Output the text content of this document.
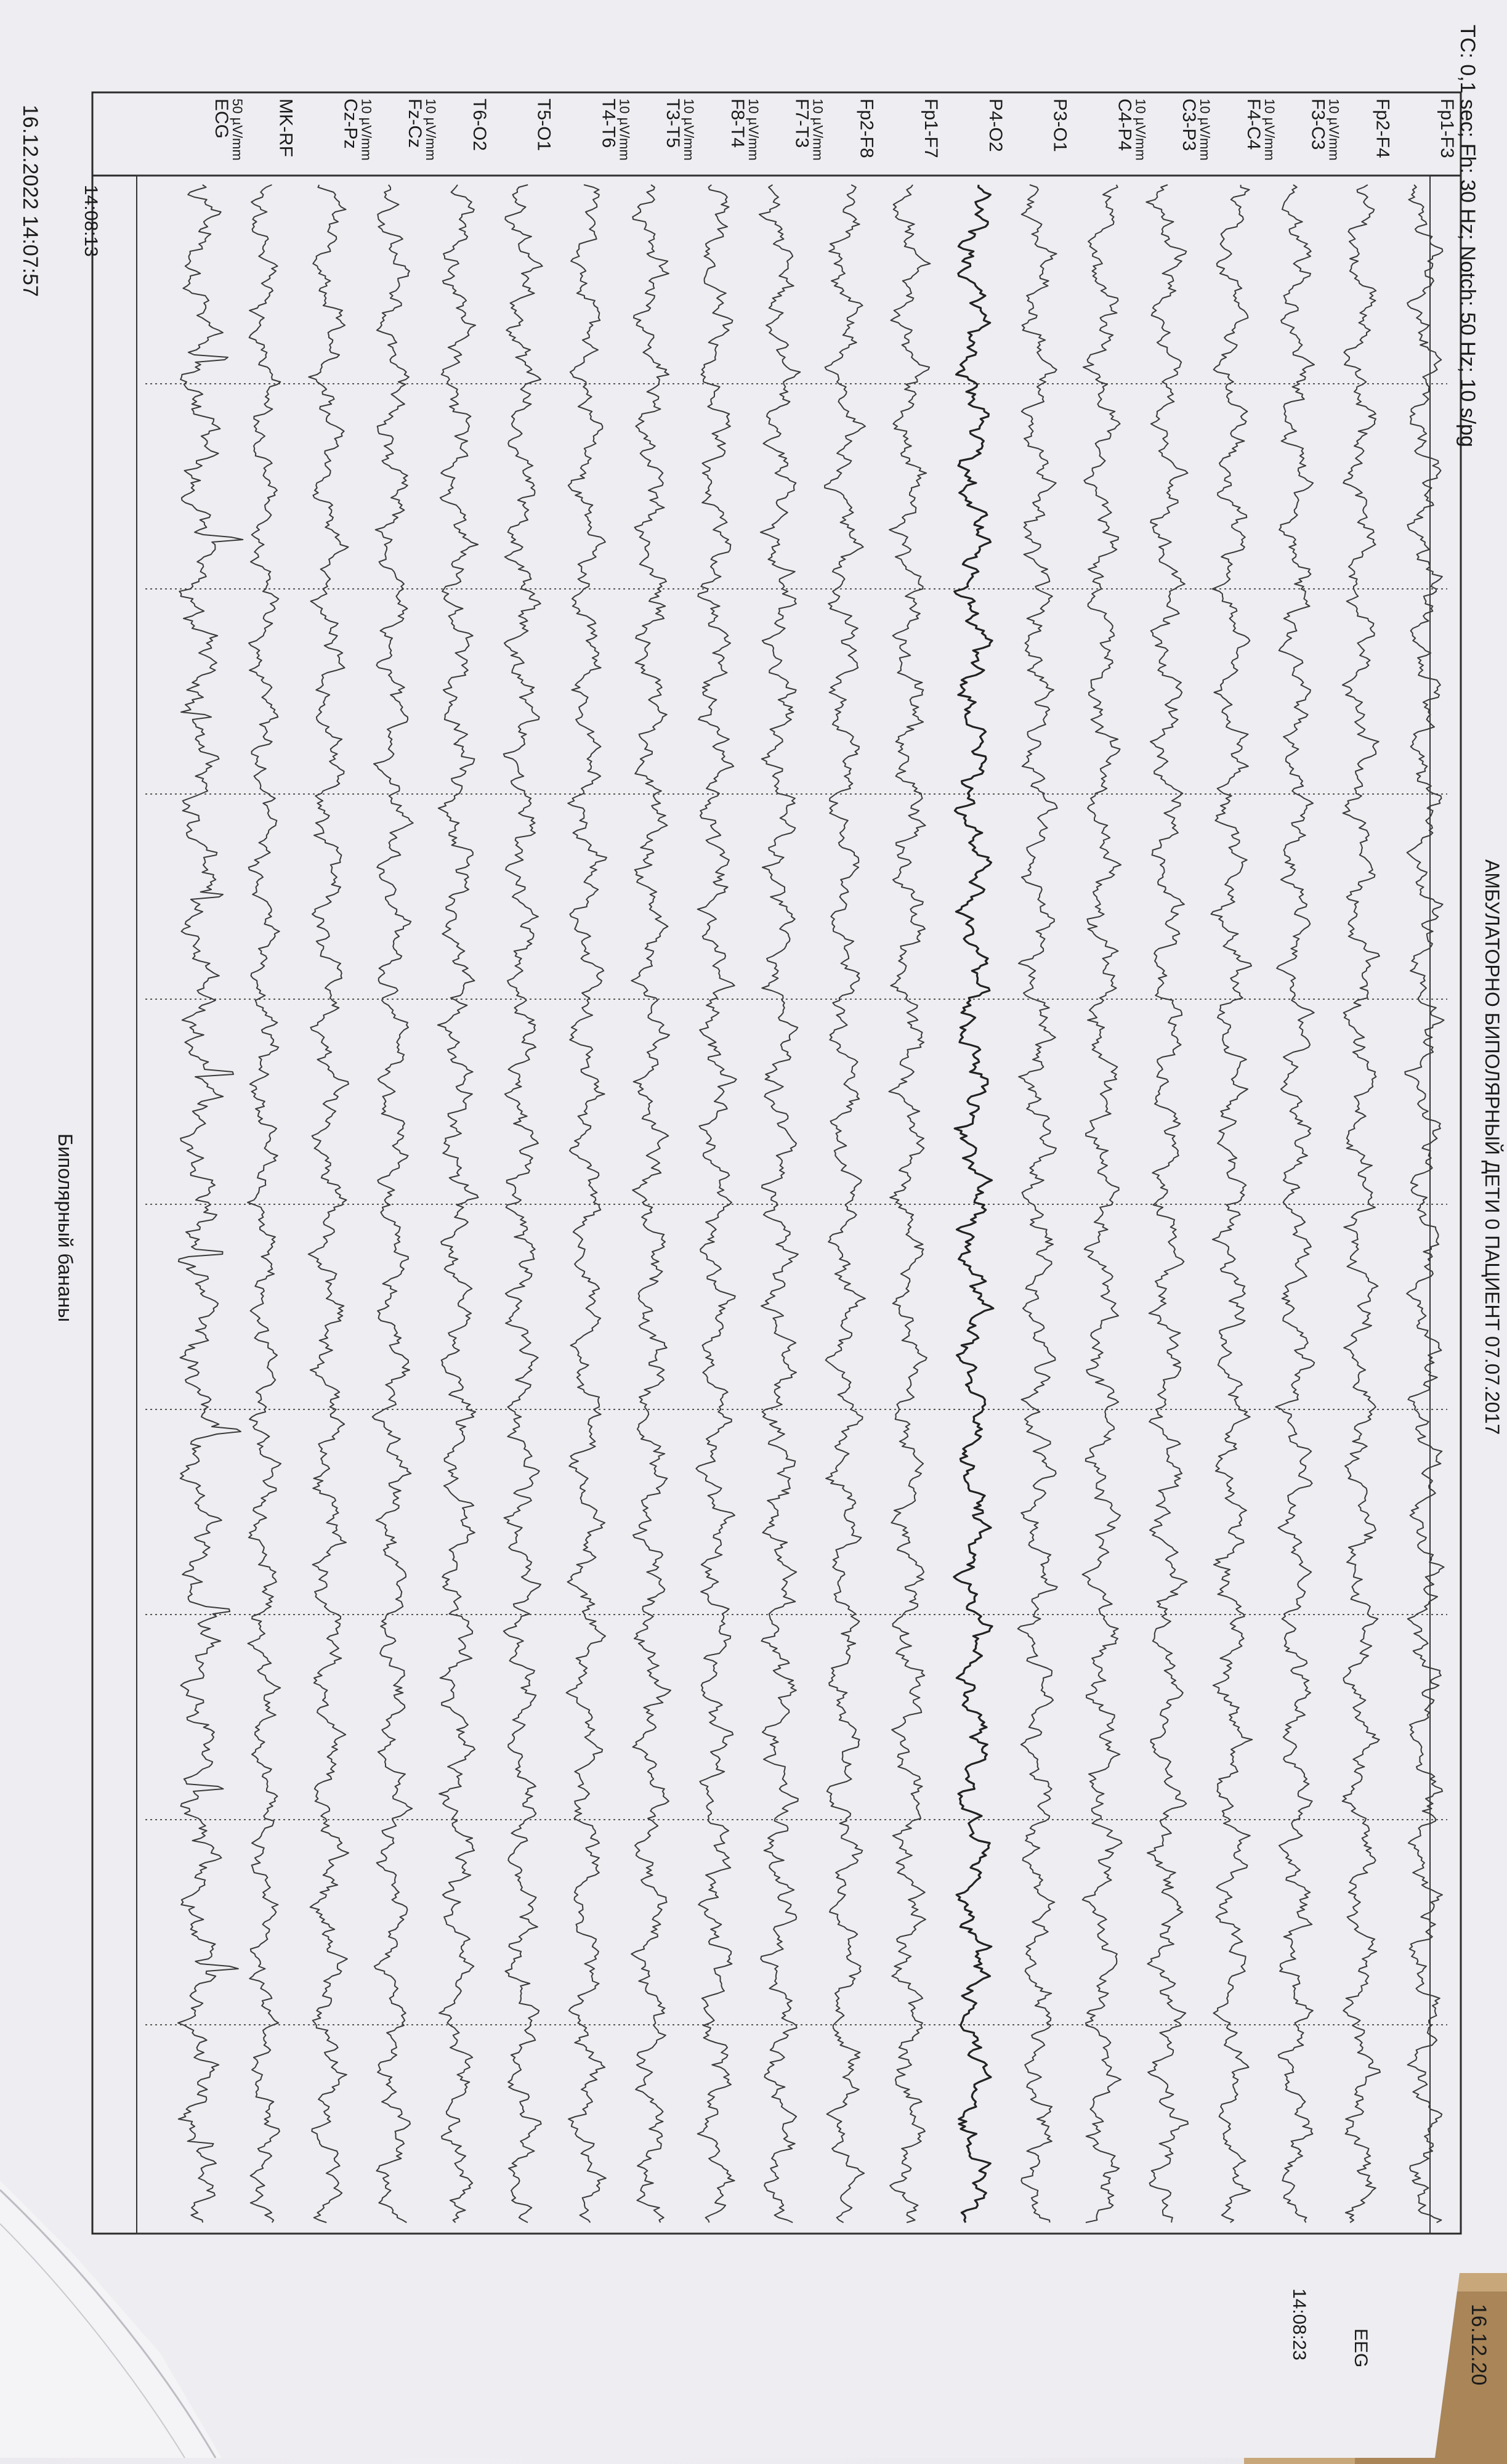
TC: 0,1 sec; Fh: 30 Hz; Notch: 50 Hz; 10 s/pg
АМБУЛАТОРНО БИПОЛЯРНЫЙ ДЕТИ 0 ПАЦИЕНТ 07.07.2017
Fp1-F3
Fp2-F4
F3-C3
10 µV/mm
F4-C4
10 µV/mm
C3-P3
10 µV/mm
C4-P4
10 µV/mm
P3-O1
P4-O2
Fp1-F7
Fp2-F8
F7-T3
10 µV/mm
F8-T4
10 µV/mm
T3-T5
10 µV/mm
T4-T6
10 µV/mm
T5-O1
T6-O2
Fz-Cz
10 µV/mm
Cz-Pz
10 µV/mm
MK-RF
ECG
50 µV/mm
Биполярный бананы
16.12.2022 14:07:57 14:08:13
14:08:23 EEG	16.12.20
